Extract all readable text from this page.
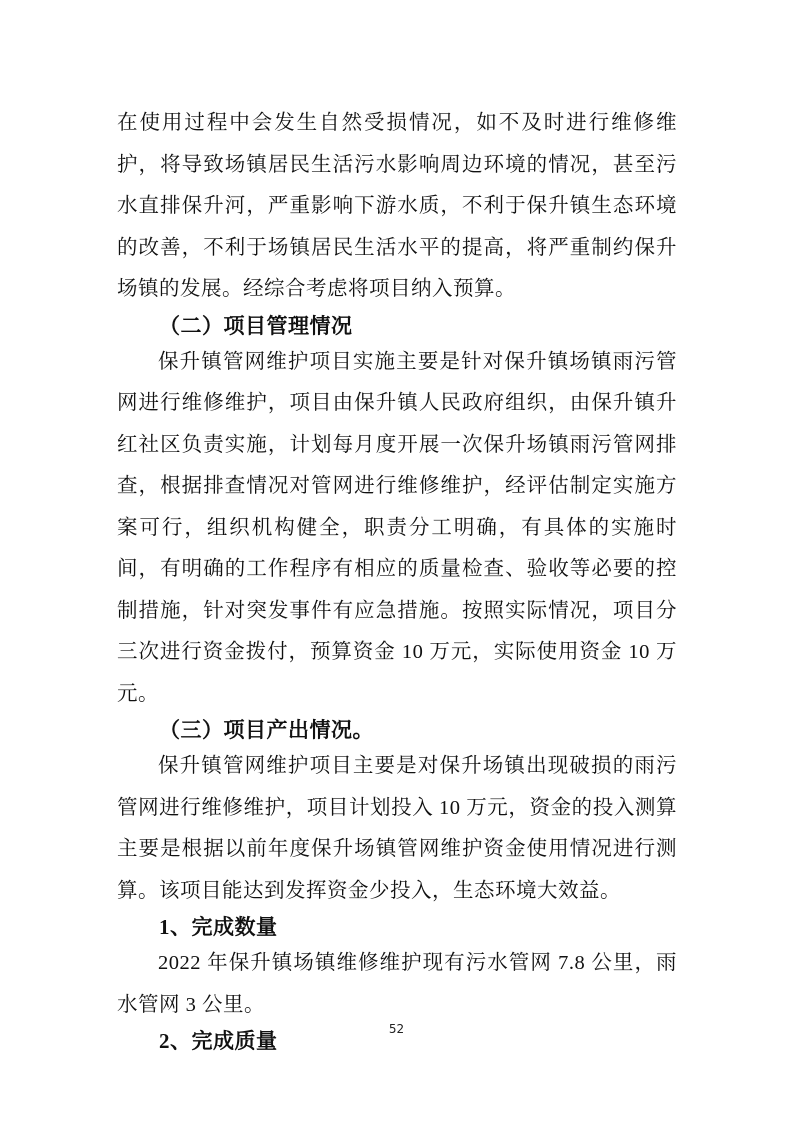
在使用过程中会发生自然受损情况，如不及时进行维修维护，将导致场镇居民生活污水影响周边环境的情况，甚至污水直排保升河，严重影响下游水质，不利于保升镇生态环境的改善，不利于场镇居民生活水平的提高，将严重制约保升场镇的发展。经综合考虑将项目纳入预算。

（二）项目管理情况

保升镇管网维护项目实施主要是针对保升镇场镇雨污管网进行维修维护，项目由保升镇人民政府组织，由保升镇升红社区负责实施，计划每月度开展一次保升场镇雨污管网排查，根据排查情况对管网进行维修维护，经评估制定实施方案可行，组织机构健全，职责分工明确，有具体的实施时间，有明确的工作程序有相应的质量检查、验收等必要的控制措施，针对突发事件有应急措施。按照实际情况，项目分三次进行资金拨付，预算资金 10 万元，实际使用资金 10 万元。

（三）项目产出情况。

保升镇管网维护项目主要是对保升场镇出现破损的雨污管网进行维修维护，项目计划投入 10 万元，资金的投入测算主要是根据以前年度保升场镇管网维护资金使用情况进行测算。该项目能达到发挥资金少投入，生态环境大效益。

1、完成数量

2022 年保升镇场镇维修维护现有污水管网 7.8 公里，雨水管网 3 公里。

2、完成质量	52
